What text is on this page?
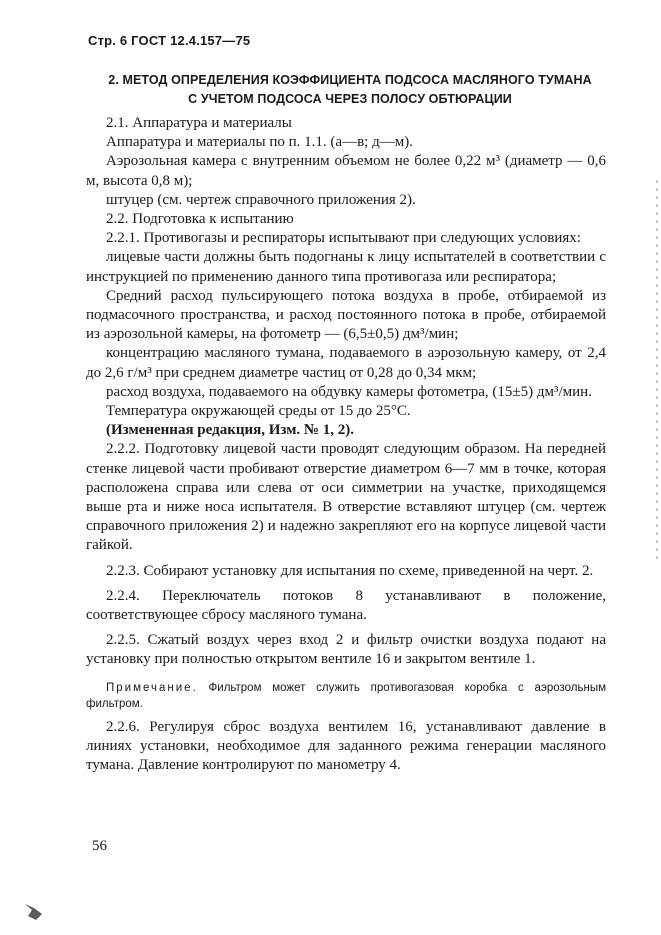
Стр. 6 ГОСТ 12.4.157—75
2. МЕТОД ОПРЕДЕЛЕНИЯ КОЭФФИЦИЕНТА ПОДСОСА МАСЛЯНОГО ТУМАНА
С УЧЕТОМ ПОДСОСА ЧЕРЕЗ ПОЛОСУ ОБТЮРАЦИИ

2.1. Аппаратура и материалы

Аппаратура и материалы по п. 1.1. (а—в; д—м).

Аэрозольная камера с внутренним объемом не более 0,22 м³ (диаметр — 0,6 м, высота 0,8 м);

штуцер (см. чертеж справочного приложения 2).

2.2. Подготовка к испытанию

2.2.1. Противогазы и респираторы испытывают при следующих условиях:

лицевые части должны быть подогнаны к лицу испытателей в соответствии с инструкцией по применению данного типа противогаза или респиратора;

Средний расход пульсирующего потока воздуха в пробе, отбираемой из подмасочного пространства, и расход постоянного потока в пробе, отбираемой из аэрозольной камеры, на фотометр — (6,5±0,5) дм³/мин;

концентрацию масляного тумана, подаваемого в аэрозольную камеру, от 2,4 до 2,6 г/м³ при среднем диаметре частиц от 0,28 до 0,34 мкм;

расход воздуха, подаваемого на обдувку камеры фотометра, (15±5) дм³/мин.

Температура окружающей среды от 15 до 25°С.

(Измененная редакция, Изм. № 1, 2).

2.2.2. Подготовку лицевой части проводят следующим образом. На передней стенке лицевой части пробивают отверстие диаметром 6—7 мм в точке, которая расположена справа или слева от оси симметрии на участке, приходящемся выше рта и ниже носа испытателя. В отверстие вставляют штуцер (см. чертеж справочного приложения 2) и надежно закрепляют его на корпусе лицевой части гайкой.

2.2.3. Собирают установку для испытания по схеме, приведенной на черт. 2.

2.2.4. Переключатель потоков 8 устанавливают в положение, соответствующее сбросу масляного тумана.

2.2.5. Сжатый воздух через вход 2 и фильтр очистки воздуха подают на установку при полностью открытом вентиле 16 и закрытом вентиле 1.

Примечание. Фильтром может служить противогазовая коробка с аэрозольным фильтром.

2.2.6. Регулируя сброс воздуха вентилем 16, устанавливают давление в линиях установки, необходимое для заданного режима генерации масляного тумана. Давление контролируют по манометру 4.

56
